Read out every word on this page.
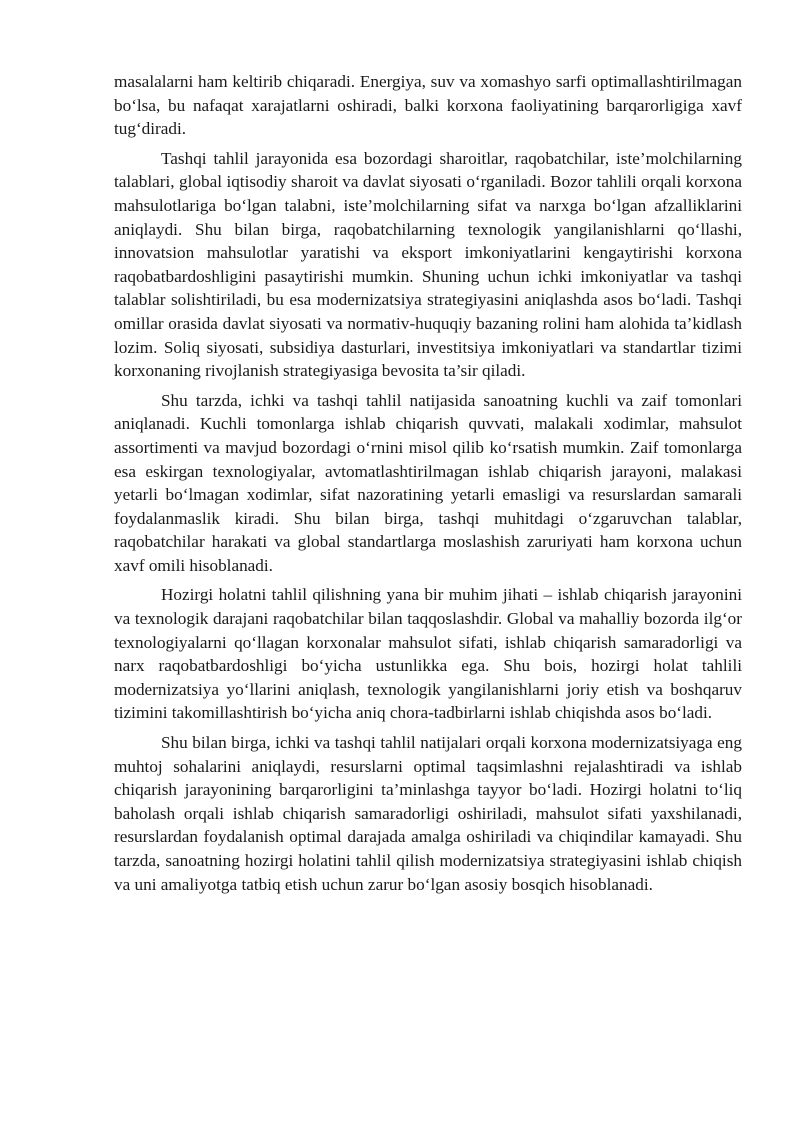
masalalarni ham keltirib chiqaradi. Energiya, suv va xomashyo sarfi optimallashtirilmagan bo‘lsa, bu nafaqat xarajatlarni oshiradi, balki korxona faoliyatining barqarorligiga xavf tug‘diradi.

Tashqi tahlil jarayonida esa bozordagi sharoitlar, raqobatchilar, iste’molchilarning talablari, global iqtisodiy sharoit va davlat siyosati o‘rganiladi. Bozor tahlili orqali korxona mahsulotlariga bo‘lgan talabni, iste’molchilarning sifat va narxga bo‘lgan afzalliklarini aniqlaydi. Shu bilan birga, raqobatchilarning texnologik yangilanishlarni qo‘llashi, innovatsion mahsulotlar yaratishi va eksport imkoniyatlarini kengaytirishi korxona raqobatbardoshligini pasaytirishi mumkin. Shuning uchun ichki imkoniyatlar va tashqi talablar solishtiriladi, bu esa modernizatsiya strategiyasini aniqlashda asos bo‘ladi. Tashqi omillar orasida davlat siyosati va normativ-huquqiy bazaning rolini ham alohida ta’kidlash lozim. Soliq siyosati, subsidiya dasturlari, investitsiya imkoniyatlari va standartlar tizimi korxonaning rivojlanish strategiyasiga bevosita ta’sir qiladi.

Shu tarzda, ichki va tashqi tahlil natijasida sanoatning kuchli va zaif tomonlari aniqlanadi. Kuchli tomonlarga ishlab chiqarish quvvati, malakali xodimlar, mahsulot assortimenti va mavjud bozordagi o‘rnini misol qilib ko‘rsatish mumkin. Zaif tomonlarga esa eskirgan texnologiyalar, avtomatlashtirilmagan ishlab chiqarish jarayoni, malakasi yetarli bo‘lmagan xodimlar, sifat nazoratining yetarli emasligi va resurslardan samarali foydalanmaslik kiradi. Shu bilan birga, tashqi muhitdagi o‘zgaruvchan talablar, raqobatchilar harakati va global standartlarga moslashish zaruriyati ham korxona uchun xavf omili hisoblanadi.

Hozirgi holatni tahlil qilishning yana bir muhim jihati – ishlab chiqarish jarayonini va texnologik darajani raqobatchilar bilan taqqoslashdir. Global va mahalliy bozorda ilg‘or texnologiyalarni qo‘llagan korxonalar mahsulot sifati, ishlab chiqarish samaradorligi va narx raqobatbardoshligi bo‘yicha ustunlikka ega. Shu bois, hozirgi holat tahlili modernizatsiya yo‘llarini aniqlash, texnologik yangilanishlarni joriy etish va boshqaruv tizimini takomillashtirish bo‘yicha aniq chora-tadbirlarni ishlab chiqishda asos bo‘ladi.

Shu bilan birga, ichki va tashqi tahlil natijalari orqali korxona modernizatsiyaga eng muhtoj sohalarini aniqlaydi, resurslarni optimal taqsimlashni rejalashtiradi va ishlab chiqarish jarayonining barqarorligini ta’minlashga tayyor bo‘ladi. Hozirgi holatni to‘liq baholash orqali ishlab chiqarish samaradorligi oshiriladi, mahsulot sifati yaxshilanadi, resurslardan foydalanish optimal darajada amalga oshiriladi va chiqindilar kamayadi. Shu tarzda, sanoatning hozirgi holatini tahlil qilish modernizatsiya strategiyasini ishlab chiqish va uni amaliyotga tatbiq etish uchun zarur bo‘lgan asosiy bosqich hisoblanadi.
